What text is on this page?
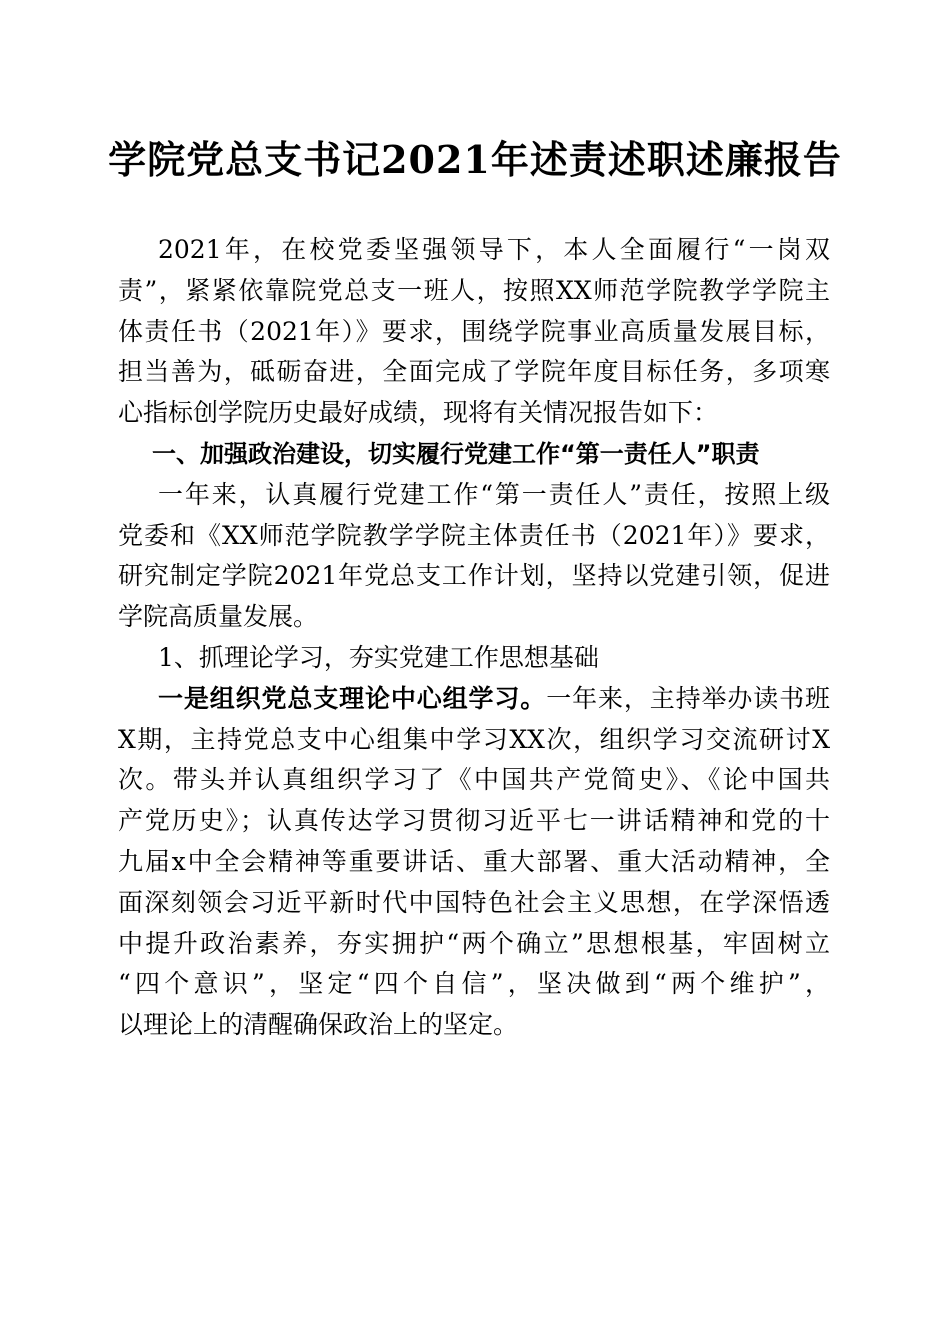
学院党总支书记2021年述责述职述廉报告
2021年，在校党委坚强领导下，本人全面履行“一岗双
责”，紧紧依靠院党总支一班人，按照XX师范学院教学学院主
体责任书（2021年）》要求，围绕学院事业高质量发展目标，
担当善为，砥砺奋进，全面完成了学院年度目标任务，多项寒
心指标创学院历史最好成绩，现将有关情况报告如下：
一、加强政治建设，切实履行党建工作“第一责任人”职责
一年来，认真履行党建工作“第一责任人”责任，按照上级
党委和《XX师范学院教学学院主体责任书（2021年）》要求，
研究制定学院2021年党总支工作计划，坚持以党建引领，促进
学院高质量发展。
1、抓理论学习，夯实党建工作思想基础
一是组织党总支理论中心组学习。一年来，主持举办读书班
X期，主持党总支中心组集中学习XX次，组织学习交流研讨X
次。带头并认真组织学习了《中国共产党简史》、《论中国共
产党历史》；认真传达学习贯彻习近平七一讲话精神和党的十
九届x中全会精神等重要讲话、重大部署、重大活动精神，全
面深刻领会习近平新时代中国特色社会主义思想，在学深悟透
中提升政治素养，夯实拥护“两个确立”思想根基，牢固树立
“四个意识”，坚定“四个自信”，坚决做到“两个维护”，
以理论上的清醒确保政治上的坚定。
